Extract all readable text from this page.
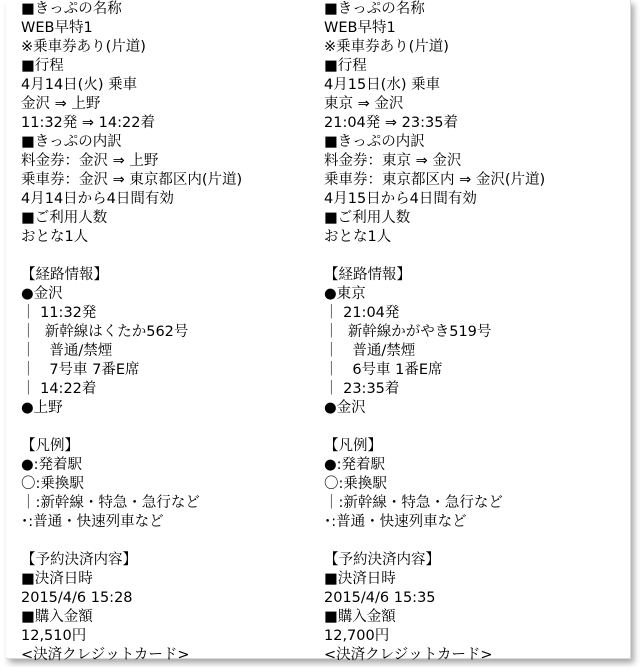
■きっぷの名称
WEB早特1
※乗車券あり(片道)
■行程
4月14日(火) 乗車
金沢 ⇒ 上野
11:32発 ⇒ 14:22着
■きっぷの内訳
料金券：金沢 ⇒ 上野
乗車券：金沢 ⇒ 東京都区内(片道)
4月14日から4日間有効
■ご利用人数
おとな1人
【経路情報】
●金沢
｜ 11:32発
｜  新幹線はくたか562号
｜   普通/禁煙
｜   7号車 7番E席
｜ 14:22着
●上野
【凡例】
●:発着駅
〇:乗換駅
｜:新幹線・特急・急行など
･:普通・快速列車など
【予約決済内容】
■決済日時
2015/4/6 15:28
■購入金額
12,510円
<決済クレジットカード>
■きっぷの名称
WEB早特1
※乗車券あり(片道)
■行程
4月15日(水) 乗車
東京 ⇒ 金沢
21:04発 ⇒ 23:35着
■きっぷの内訳
料金券：東京 ⇒ 金沢
乗車券：東京都区内 ⇒ 金沢(片道)
4月15日から4日間有効
■ご利用人数
おとな1人
【経路情報】
●東京
｜ 21:04発
｜  新幹線かがやき519号
｜   普通/禁煙
｜   6号車 1番E席
｜ 23:35着
●金沢
【凡例】
●:発着駅
〇:乗換駅
｜:新幹線・特急・急行など
･:普通・快速列車など
【予約決済内容】
■決済日時
2015/4/6 15:35
■購入金額
12,700円
<決済クレジットカード>
